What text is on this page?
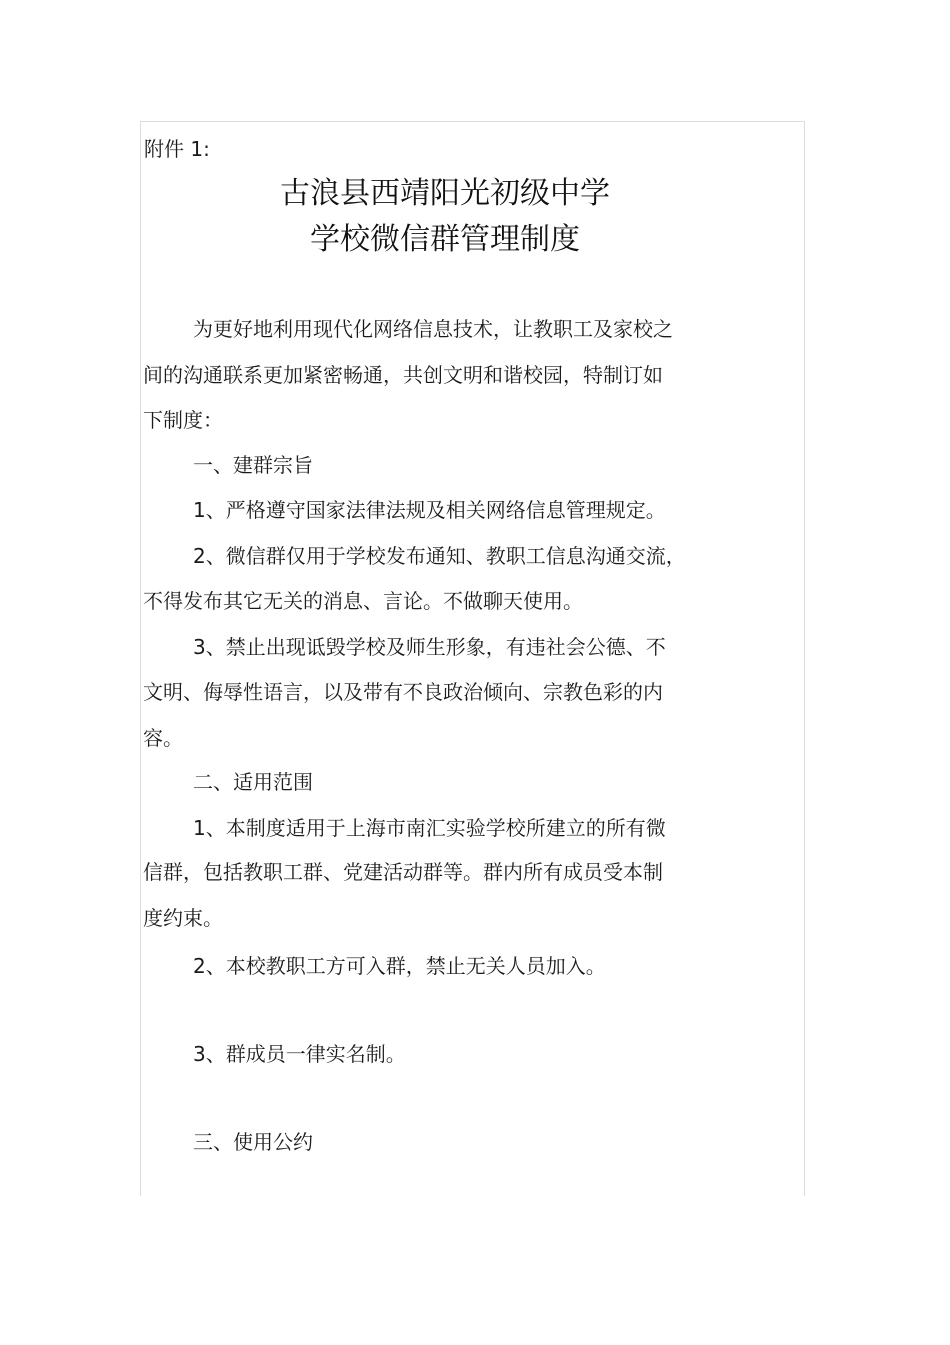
附件 1:
古浪县西靖阳光初级中学
学校微信群管理制度
为更好地利用现代化网络信息技术，让教职工及家校之
间的沟通联系更加紧密畅通，共创文明和谐校园，特制订如
下制度：
一、建群宗旨
1、严格遵守国家法律法规及相关网络信息管理规定。
2、微信群仅用于学校发布通知、教职工信息沟通交流，
不得发布其它无关的消息、言论。不做聊天使用。
3、禁止出现诋毁学校及师生形象，有违社会公德、不
文明、侮辱性语言，以及带有不良政治倾向、宗教色彩的内
容。
二、适用范围
1、本制度适用于上海市南汇实验学校所建立的所有微
信群，包括教职工群、党建活动群等。群内所有成员受本制
度约束。
2、本校教职工方可入群，禁止无关人员加入。
3、群成员一律实名制。
三、使用公约
